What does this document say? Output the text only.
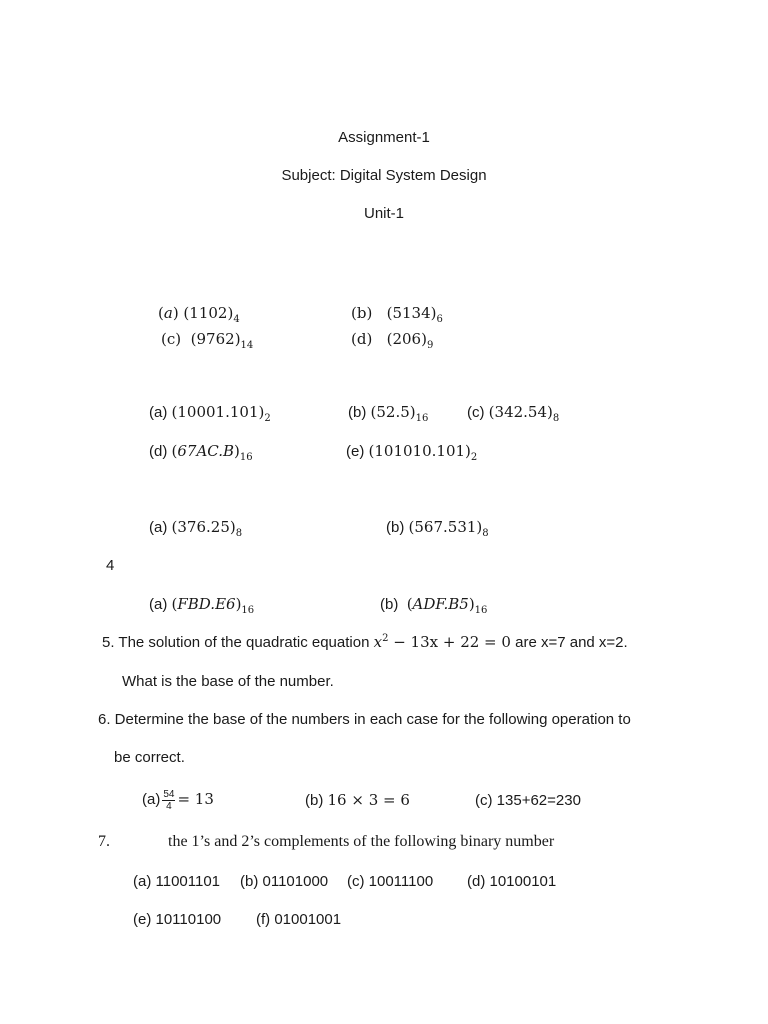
Assignment-1
Subject: Digital System Design
Unit-1
(a) $(1102)_4$	(b)   $(5134)_6$
(c)  $(9762)_{14}$	(d)   $(206)_9$
(a) $(10001.101)_2$	(b) $(52.5)_{16}$	(c) $(342.54)_8$
(d) $(67AC.B)_{16}$	(e) $(101010.101)_2$
(a) $(376.25)_8$	(b) $(567.531)_8$
4
(a) $(FBD.E6)_{16}$	(b) $(ADF.B5)_{16}$
5. The solution of the quadratic equation $x^2 - 13x + 22 = 0$ are x=7 and x=2.
What is the base of the number.
6. Determine the base of the numbers in each case for the following operation to
be correct.
$(a) \frac{54}{4} = 13$	(b) 16 × 3 = 6	(c) 135+62=230
7.	the 1’s and 2’s complements of the following binary number
(a) 11001101 (b) 01101000 (c) 10011100 (d) 10100101
(e) 10110100 (f) 01001001
